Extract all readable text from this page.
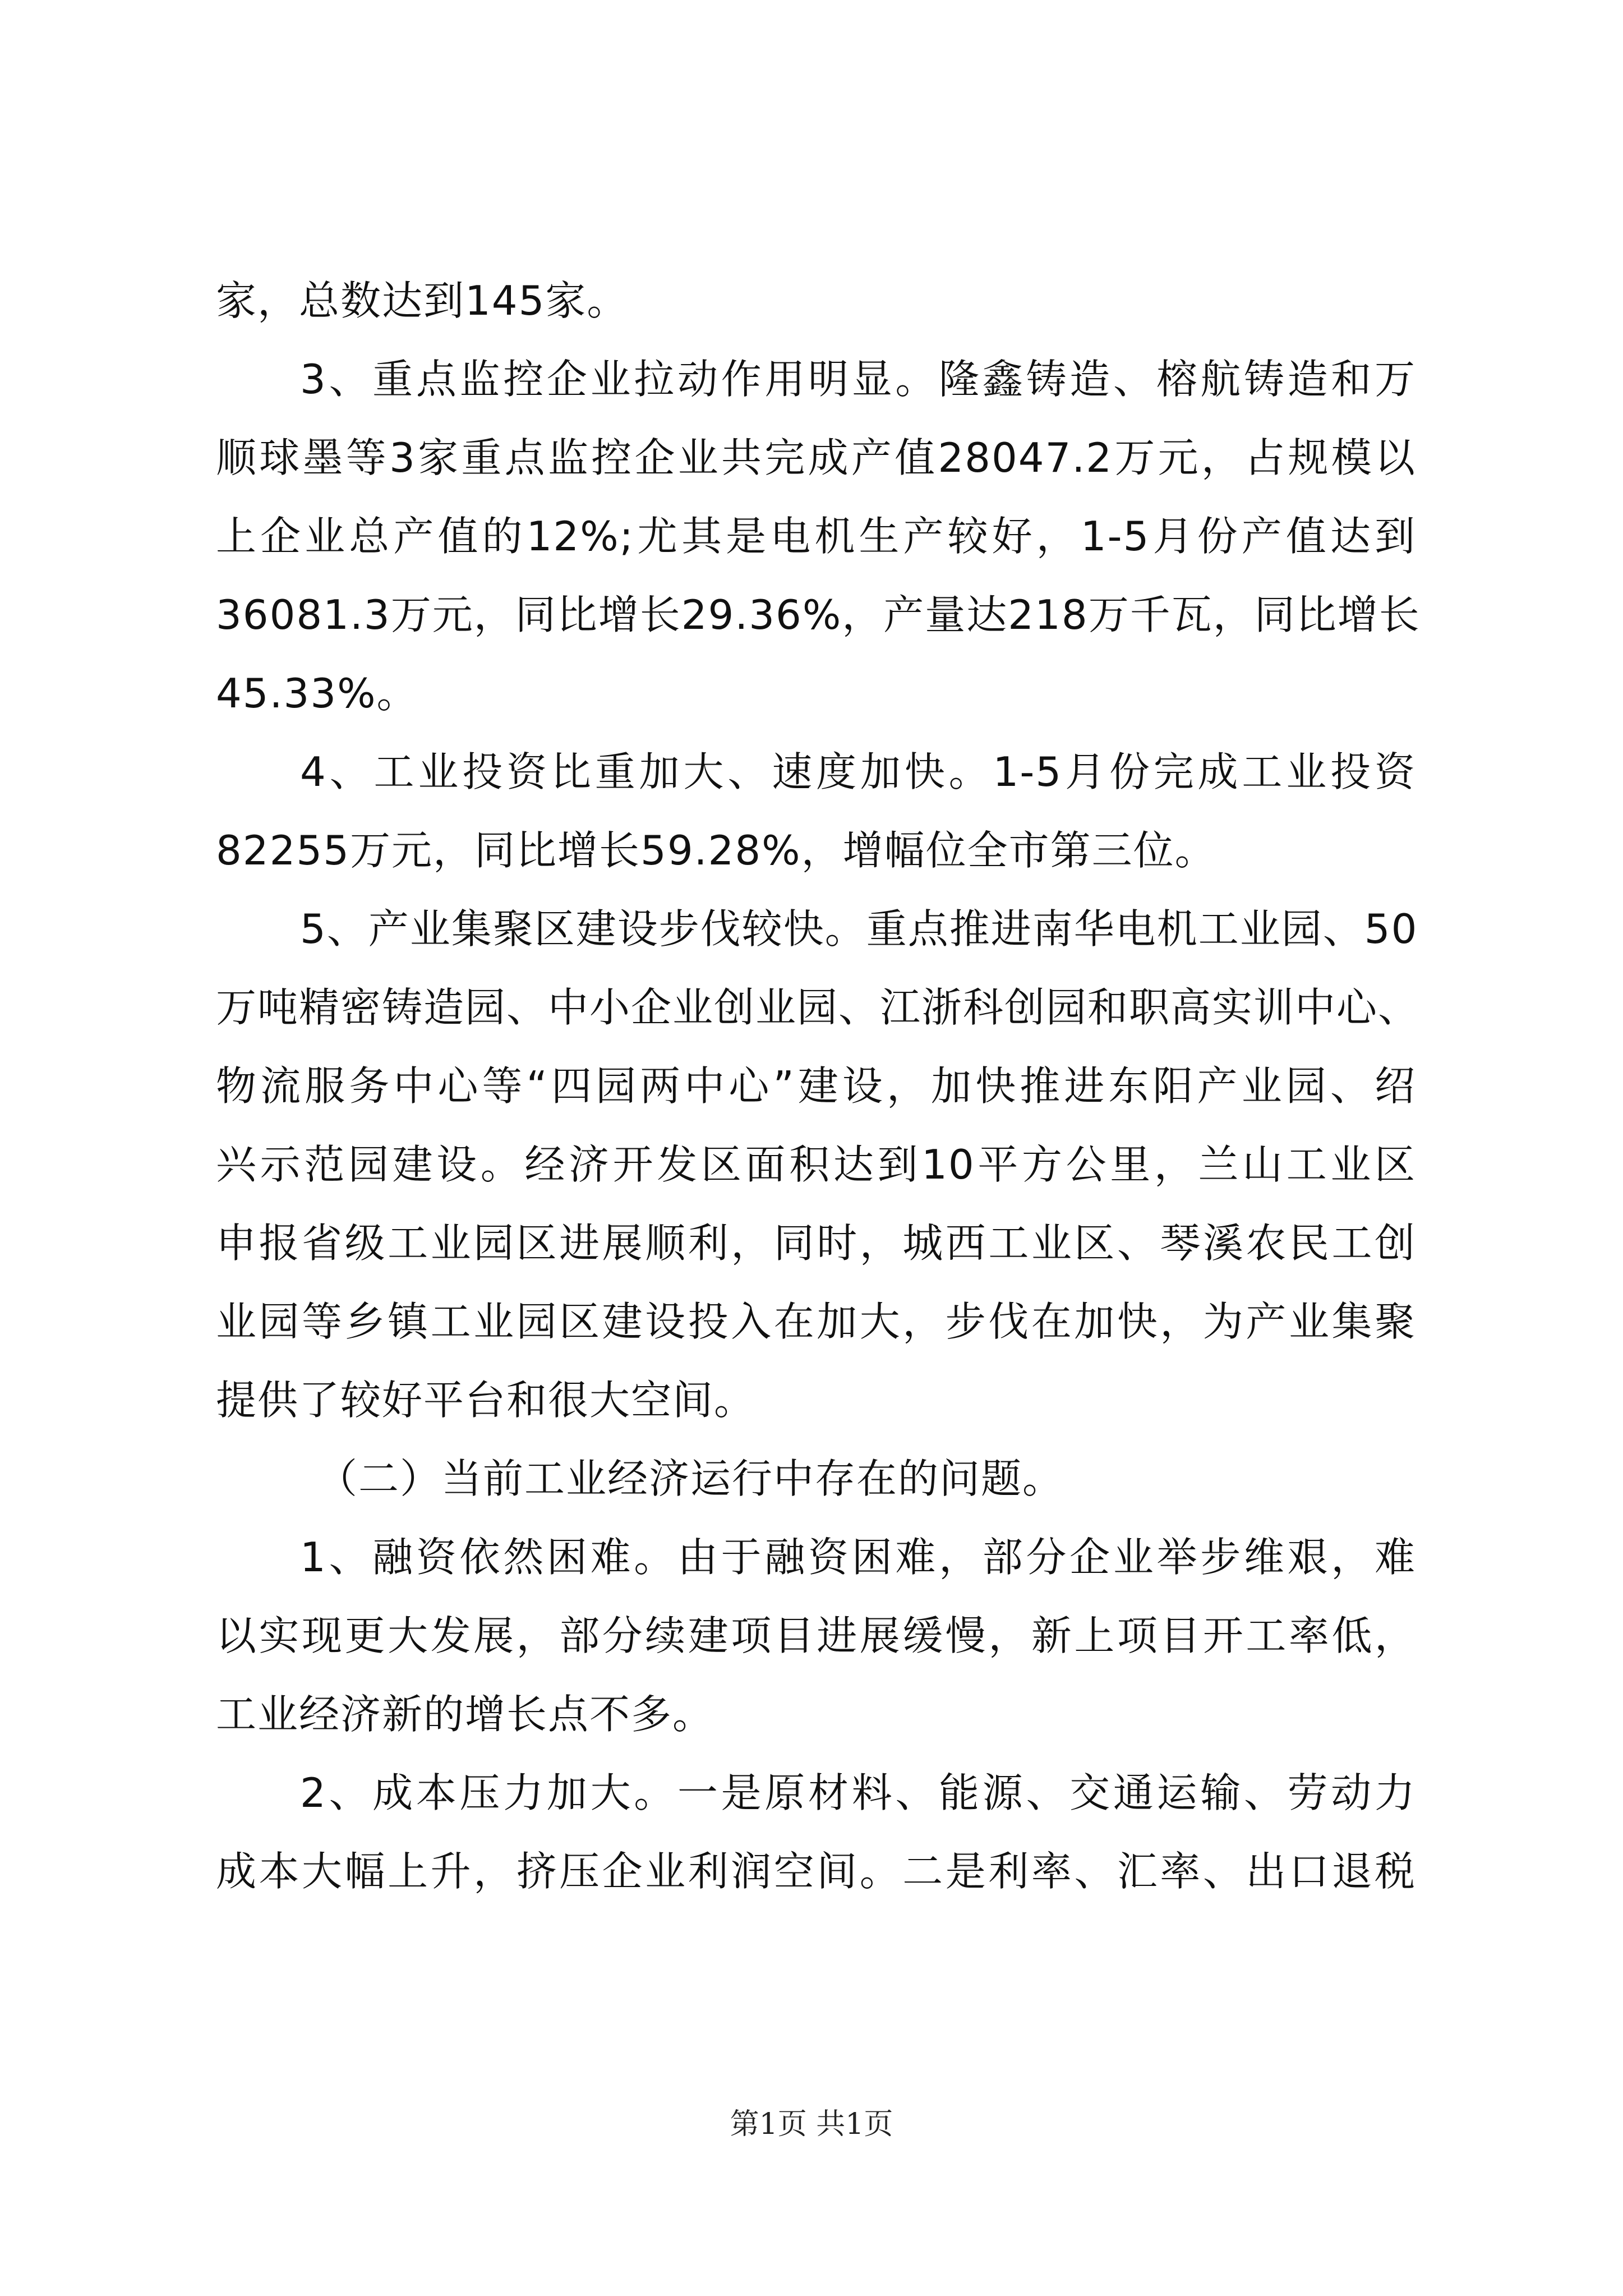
家，总数达到145家。
3、重点监控企业拉动作用明显。隆鑫铸造、榕航铸造和万
顺球墨等3家重点监控企业共完成产值28047.2万元，占规模以
上企业总产值的12%;尤其是电机生产较好，1-5月份产值达到
36081.3万元，同比增长29.36%，产量达218万千瓦，同比增长
45.33%。
4、工业投资比重加大、速度加快。1-5月份完成工业投资
82255万元，同比增长59.28%，增幅位全市第三位。
5、产业集聚区建设步伐较快。重点推进南华电机工业园、50
万吨精密铸造园、中小企业创业园、江浙科创园和职高实训中心、
物流服务中心等“四园两中心”建设，加快推进东阳产业园、绍
兴示范园建设。经济开发区面积达到10平方公里，兰山工业区
申报省级工业园区进展顺利，同时，城西工业区、琴溪农民工创
业园等乡镇工业园区建设投入在加大，步伐在加快，为产业集聚
提供了较好平台和很大空间。
（二）当前工业经济运行中存在的问题。
1、融资依然困难。由于融资困难，部分企业举步维艰，难
以实现更大发展，部分续建项目进展缓慢，新上项目开工率低，
工业经济新的增长点不多。
2、成本压力加大。一是原材料、能源、交通运输、劳动力
成本大幅上升，挤压企业利润空间。二是利率、汇率、出口退税
第1页 共1页
